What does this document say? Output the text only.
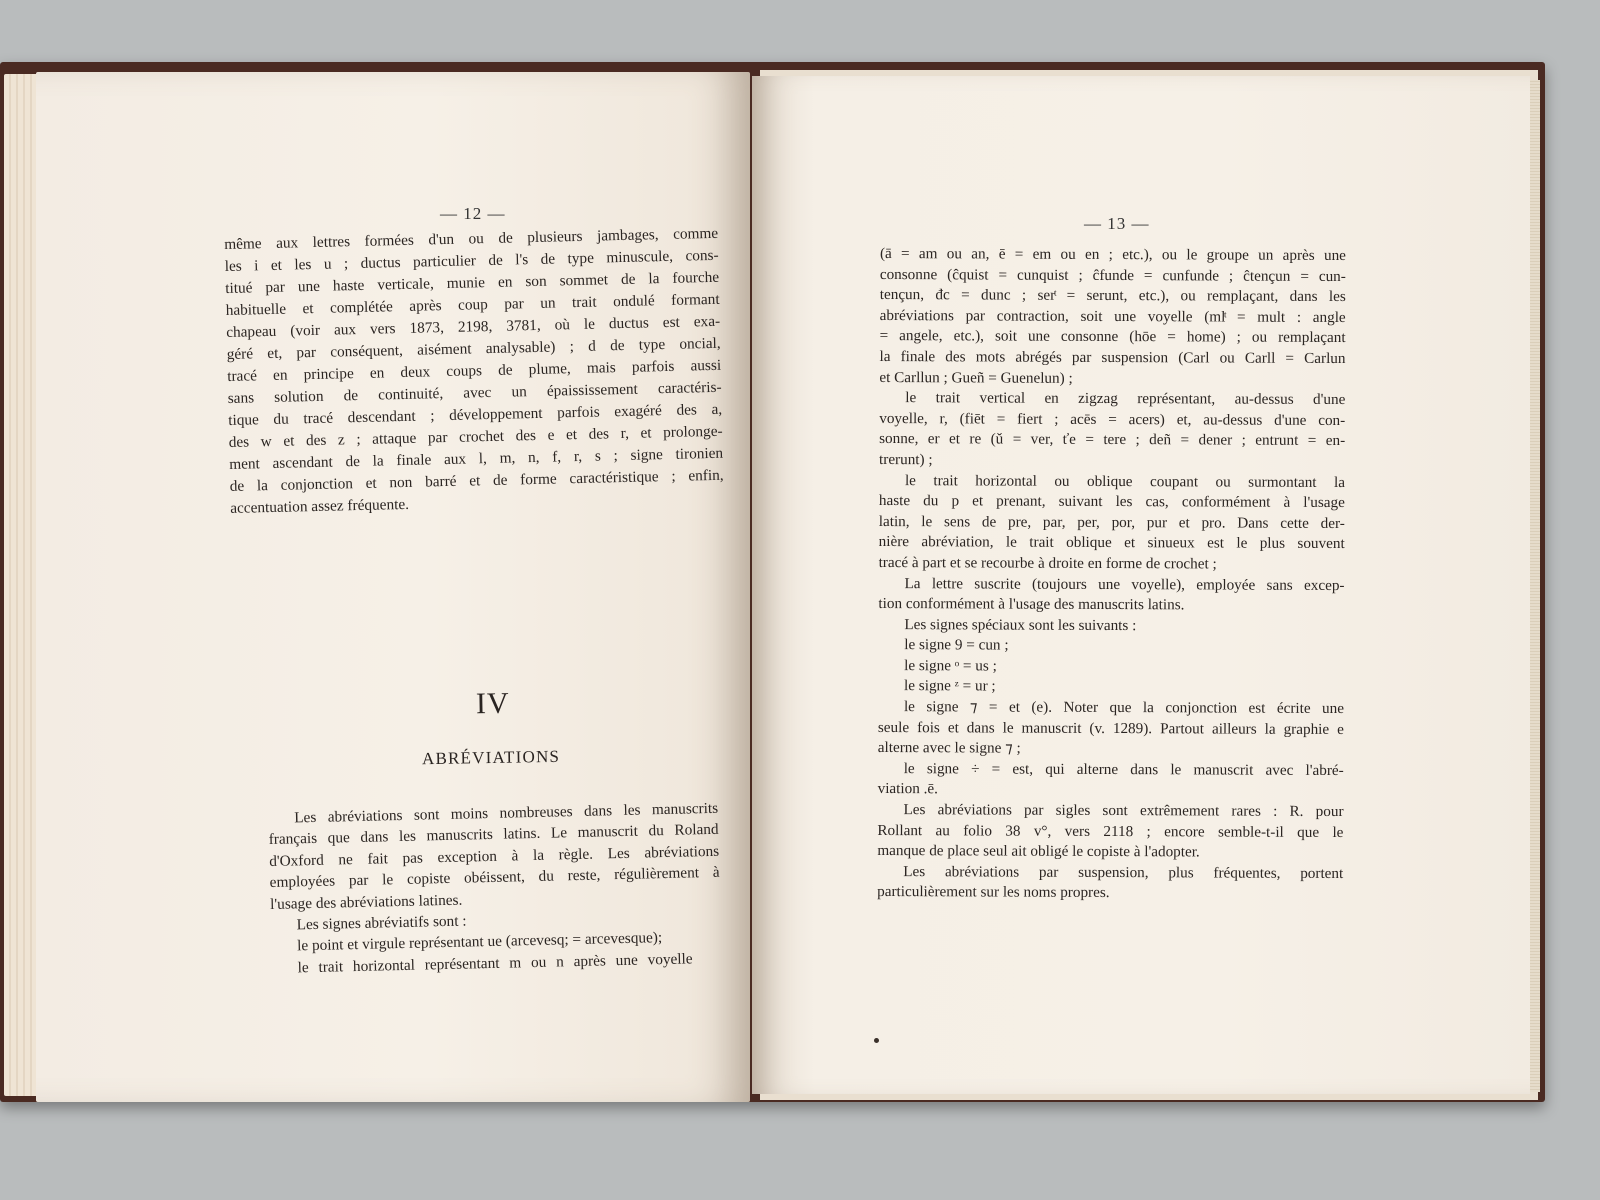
— 12 —
même aux lettres formées d'un ou de plusieurs jambages, comme
les i et les u ; ductus particulier de l's de type minuscule, cons-
titué par une haste verticale, munie en son sommet de la fourche
habituelle et complétée après coup par un trait ondulé formant
chapeau (voir aux vers 1873, 2198, 3781, où le ductus est exa-
géré et, par conséquent, aisément analysable) ; d de type oncial,
tracé en principe en deux coups de plume, mais parfois aussi
sans solution de continuité, avec un épaississement caractéris-
tique du tracé descendant ; développement parfois exagéré des a,
des w et des z ; attaque par crochet des e et des r, et prolonge-
ment ascendant de la finale aux l, m, n, f, r, s ; signe tironien
de la conjonction et non barré et de forme caractéristique ; enfin,
accentuation assez fréquente.
IV
ABRÉVIATIONS
Les abréviations sont moins nombreuses dans les manuscrits
français que dans les manuscrits latins. Le manuscrit du Roland
d'Oxford ne fait pas exception à la règle. Les abréviations
employées par le copiste obéissent, du reste, régulièrement à
l'usage des abréviations latines.
Les signes abréviatifs sont :
le point et virgule représentant ue (arcevesq; = arcevesque);
le trait horizontal représentant m ou n après une voyelle
— 13 —
(ā = am ou an, ē = em ou en ; etc.), ou le groupe un après une
consonne (ĉquist = cunquist ; ĉfunde = cunfunde ; ĉtençun = cun-
tençun, đc = dunc ; serͭ = serunt, etc.), ou remplaçant, dans les
abréviations par contraction, soit une voyelle (mlͭ = mult : angle
= angele, etc.), soit une consonne (hōe = home) ; ou remplaçant
la finale des mots abrégés par suspension (Carl ou Carll = Carlun
et Carllun ; Gueñ = Guenelun) ;
le trait vertical en zigzag représentant, au-dessus d'une
voyelle, r, (fiēt = fiert ; acēs = acers) et, au-dessus d'une con-
sonne, er et re (ǔ = ver, ťe = tere ; deñ = dener ; entrunt = en-
trerunt) ;
le trait horizontal ou oblique coupant ou surmontant la
haste du p et prenant, suivant les cas, conformément à l'usage
latin, le sens de pre, par, per, por, pur et pro. Dans cette der-
nière abréviation, le trait oblique et sinueux est le plus souvent
tracé à part et se recourbe à droite en forme de crochet ;
La lettre suscrite (toujours une voyelle), employée sans excep-
tion conformément à l'usage des manuscrits latins.
Les signes spéciaux sont les suivants :
le signe 9 = cun ;
le signe ᵒ = us ;
le signe ᶻ = ur ;
le signe ⁊ = et (e). Noter que la conjonction est écrite une
seule fois et dans le manuscrit (v. 1289). Partout ailleurs la graphie e
alterne avec le signe ⁊ ;
le signe ÷ = est, qui alterne dans le manuscrit avec l'abré-
viation .ē.
Les abréviations par sigles sont extrêmement rares : R. pour
Rollant au folio 38 v°, vers 2118 ; encore semble-t-il que le
manque de place seul ait obligé le copiste à l'adopter.
Les abréviations par suspension, plus fréquentes, portent
particulièrement sur les noms propres.
